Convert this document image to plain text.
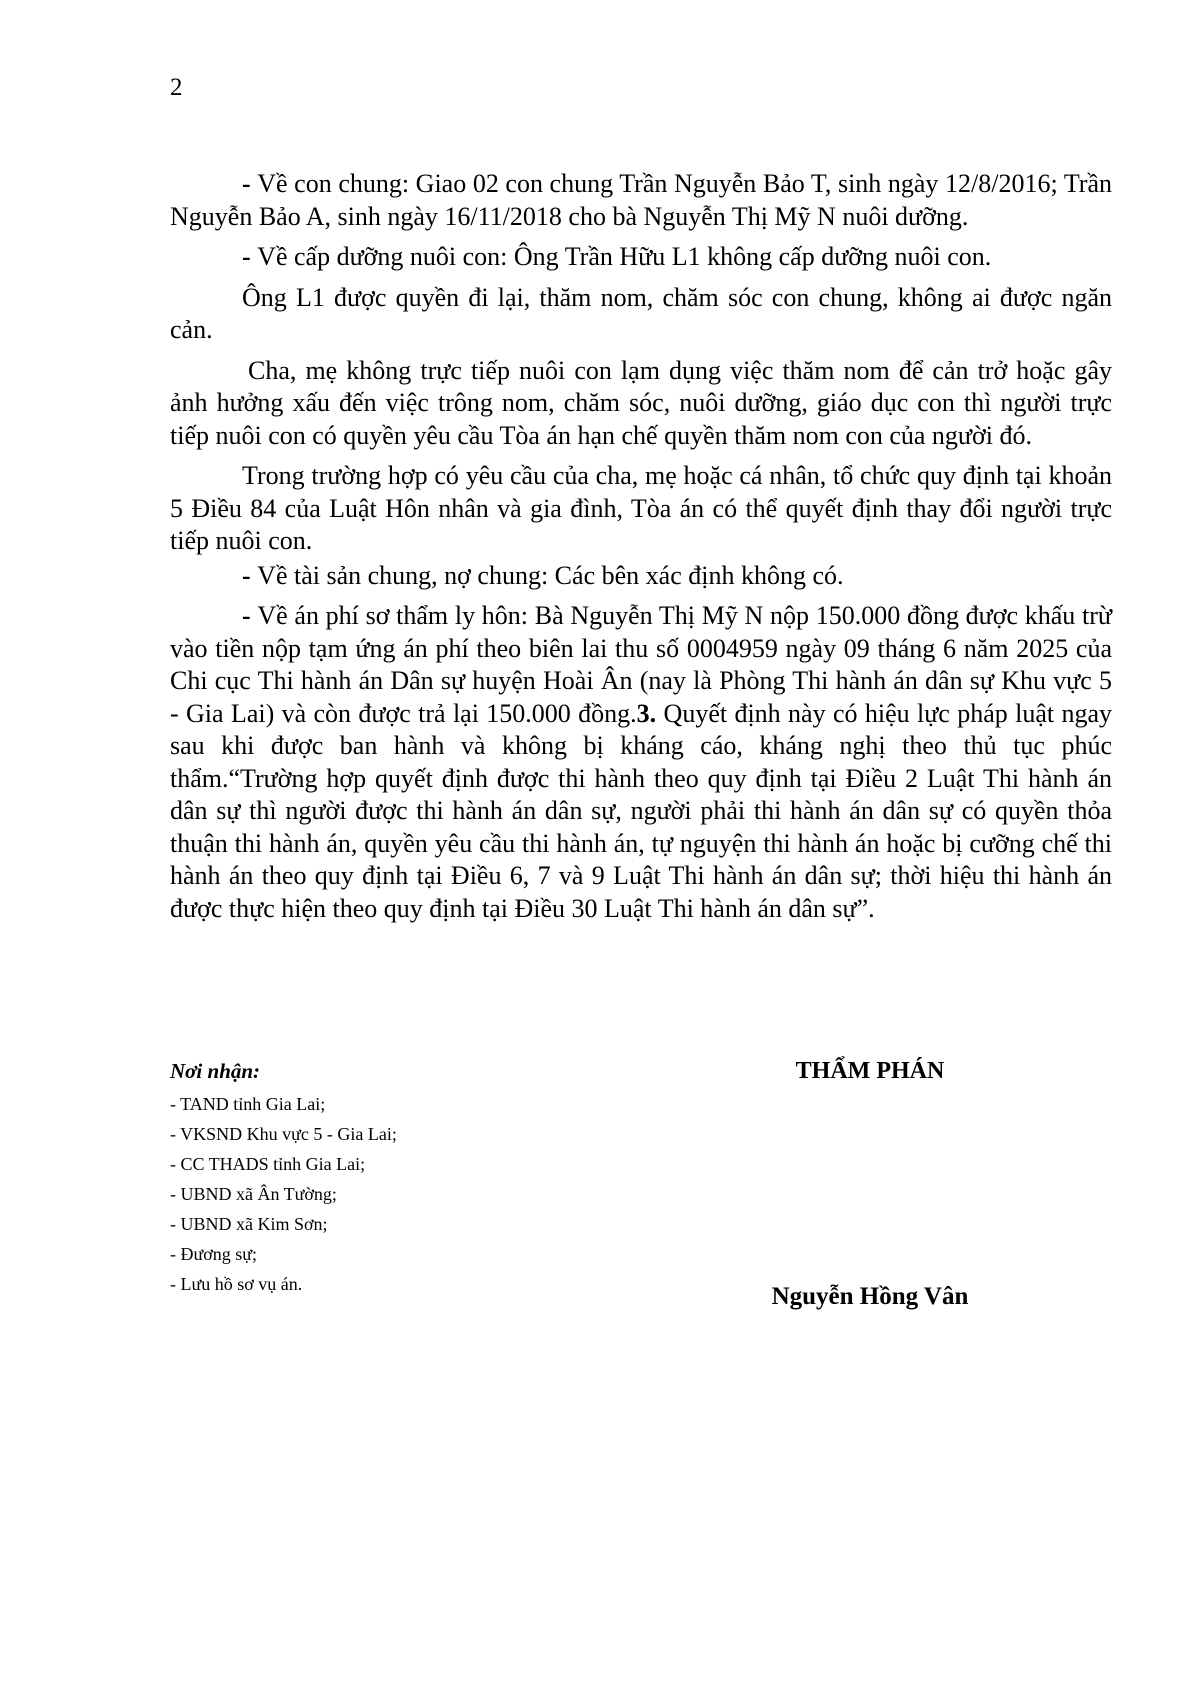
2

- Về con chung: Giao 02 con chung Trần Nguyễn Bảo T, sinh ngày 12/8/2016; Trần Nguyễn Bảo A, sinh ngày 16/11/2018 cho bà Nguyễn Thị Mỹ N nuôi dưỡng.

- Về cấp dưỡng nuôi con: Ông Trần Hữu L1 không cấp dưỡng nuôi con.

Ông L1 được quyền đi lại, thăm nom, chăm sóc con chung, không ai được ngăn cản.

Cha, mẹ không trực tiếp nuôi con lạm dụng việc thăm nom để cản trở hoặc gây ảnh hưởng xấu đến việc trông nom, chăm sóc, nuôi dưỡng, giáo dục con thì người trực tiếp nuôi con có quyền yêu cầu Tòa án hạn chế quyền thăm nom con của người đó.

Trong trường hợp có yêu cầu của cha, mẹ hoặc cá nhân, tổ chức quy định tại khoản 5 Điều 84 của Luật Hôn nhân và gia đình, Tòa án có thể quyết định thay đổi người trực tiếp nuôi con.

- Về tài sản chung, nợ chung: Các bên xác định không có.

- Về án phí sơ thẩm ly hôn: Bà Nguyễn Thị Mỹ N nộp 150.000 đồng được khấu trừ vào tiền nộp tạm ứng án phí theo biên lai thu số 0004959 ngày 09 tháng 6 năm 2025 của Chi cục Thi hành án Dân sự huyện Hoài Ân (nay là Phòng Thi hành án dân sự Khu vực 5 - Gia Lai) và còn được trả lại 150.000 đồng.3. Quyết định này có hiệu lực pháp luật ngay sau khi được ban hành và không bị kháng cáo, kháng nghị theo thủ tục phúc thẩm.“Trường hợp quyết định được thi hành theo quy định tại Điều 2 Luật Thi hành án dân sự thì người được thi hành án dân sự, người phải thi hành án dân sự có quyền thỏa thuận thi hành án, quyền yêu cầu thi hành án, tự nguyện thi hành án hoặc bị cưỡng chế thi hành án theo quy định tại Điều 6, 7 và 9 Luật Thi hành án dân sự; thời hiệu thi hành án được thực hiện theo quy định tại Điều 30 Luật Thi hành án dân sự”.

Nơi nhận:
- TAND tỉnh Gia Lai;
- VKSND Khu vực 5 - Gia Lai;
- CC THADS tỉnh Gia Lai;
- UBND xã Ân Tường;
- UBND xã Kim Sơn;
- Đương sự;
- Lưu hồ sơ vụ án.
THẨM PHÁN
Nguyễn Hồng Vân
